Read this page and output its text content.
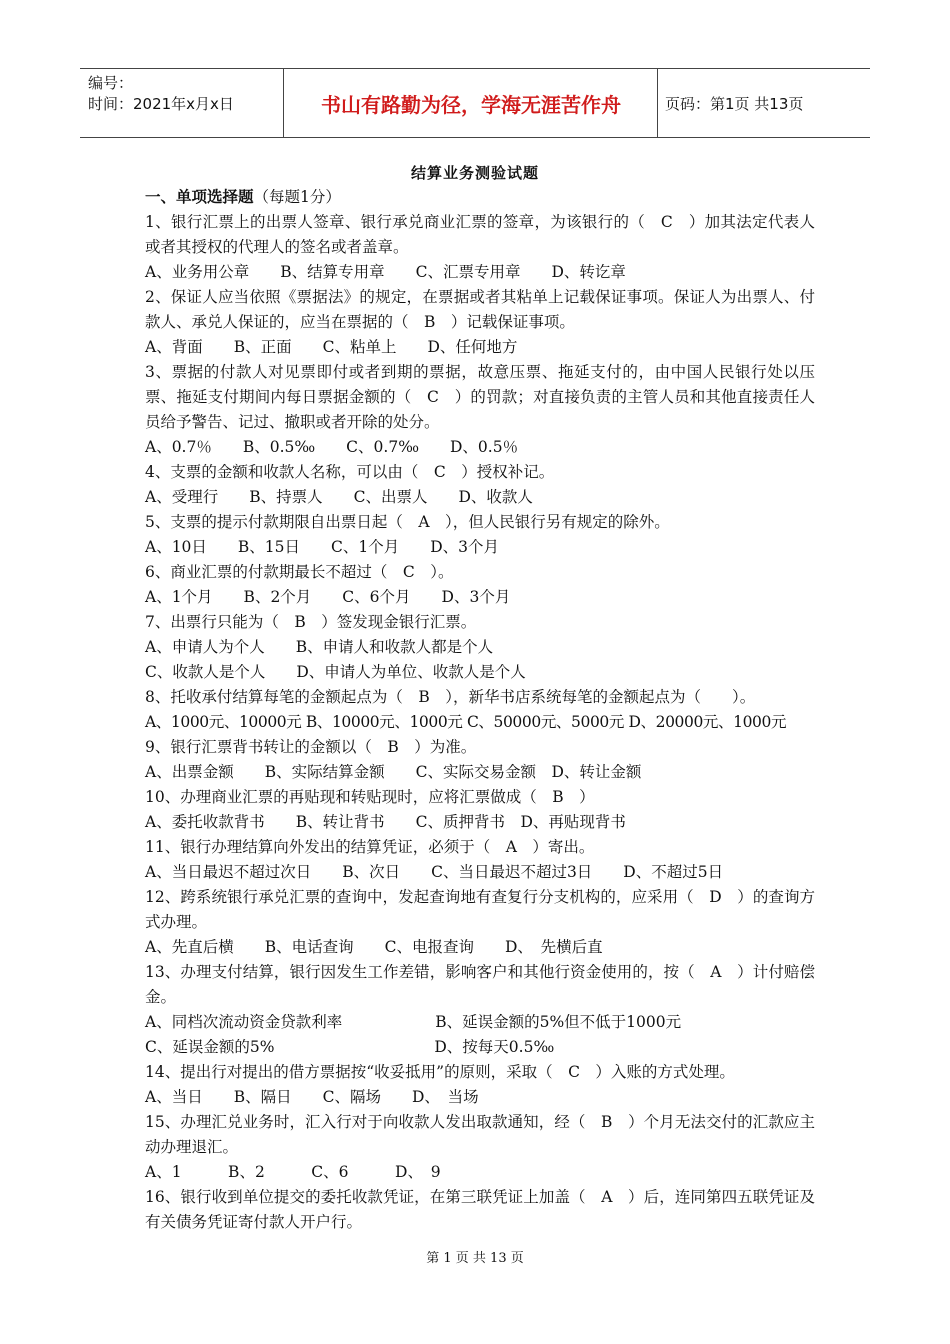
编号：
时间：2021年x月x日	书山有路勤为径，学海无涯苦作舟	页码：第1页 共13页
结算业务测验试题

一、单项选择题（每题1分）

1、银行汇票上的出票人签章、银行承兑商业汇票的签章，为该银行的（　C　）加其法定代表人或者其授权的代理人的签名或者盖章。

A、业务用公章　　B、结算专用章　　C、汇票专用章　　D、转讫章

2、保证人应当依照《票据法》的规定，在票据或者其粘单上记载保证事项。保证人为出票人、付款人、承兑人保证的，应当在票据的（　B　）记载保证事项。

A、背面　　B、正面　　C、粘单上　　D、任何地方

3、票据的付款人对见票即付或者到期的票据，故意压票、拖延支付的，由中国人民银行处以压票、拖延支付期间内每日票据金额的（　C　）的罚款；对直接负责的主管人员和其他直接责任人员给予警告、记过、撤职或者开除的处分。

A、0.7％　　B、0.5‰　　C、0.7‰　　D、0.5％

4、支票的金额和收款人名称，可以由（　C　）授权补记。

A、受理行　　B、持票人　　C、出票人　　D、收款人

5、支票的提示付款期限自出票日起（　A　），但人民银行另有规定的除外。

A、10日　　B、15日　　C、1个月　　D、3个月

6、商业汇票的付款期最长不超过（　C　）。

A、1个月　　B、2个月　　C、6个月　　D、3个月

7、出票行只能为（　B　）签发现金银行汇票。

A、申请人为个人　　B、申请人和收款人都是个人

C、收款人是个人　　D、申请人为单位、收款人是个人

8、托收承付结算每笔的金额起点为（　B　），新华书店系统每笔的金额起点为（　　）。

A、1000元、10000元 B、10000元、1000元 C、50000元、5000元 D、20000元、1000元

9、银行汇票背书转让的金额以（　B　）为准。

A、出票金额　　B、实际结算金额　　C、实际交易金额　D、转让金额

10、办理商业汇票的再贴现和转贴现时，应将汇票做成（　B　）

A、委托收款背书　　B、转让背书　　C、质押背书　D、再贴现背书

11、银行办理结算向外发出的结算凭证，必须于（　A　）寄出。

A、当日最迟不超过次日　　B、次日　　C、当日最迟不超过3日　　D、不超过5日

12、跨系统银行承兑汇票的查询中，发起查询地有查复行分支机构的，应采用（　D　）的查询方式办理。

A、先直后横　　B、电话查询　　C、电报查询　　D、　先横后直

13、办理支付结算，银行因发生工作差错，影响客户和其他行资金使用的，按（　A　）计付赔偿金。

A、同档次流动资金贷款利率　　　　　　B、延误金额的5%但不低于1000元

C、延误金额的5%　　　　　　　　　　 D、按每天0.5‰

14、提出行对提出的借方票据按“收妥抵用”的原则，采取（　C　）入账的方式处理。

A、当日　　B、隔日　　C、隔场　　D、　当场

15、办理汇兑业务时，汇入行对于向收款人发出取款通知，经（　B　）个月无法交付的汇款应主动办理退汇。

A、1　　　B、2　　　C、6　　　D、　9

16、银行收到单位提交的委托收款凭证，在第三联凭证上加盖（　A　）后，连同第四五联凭证及有关债务凭证寄付款人开户行。

第 1 页 共 13 页
